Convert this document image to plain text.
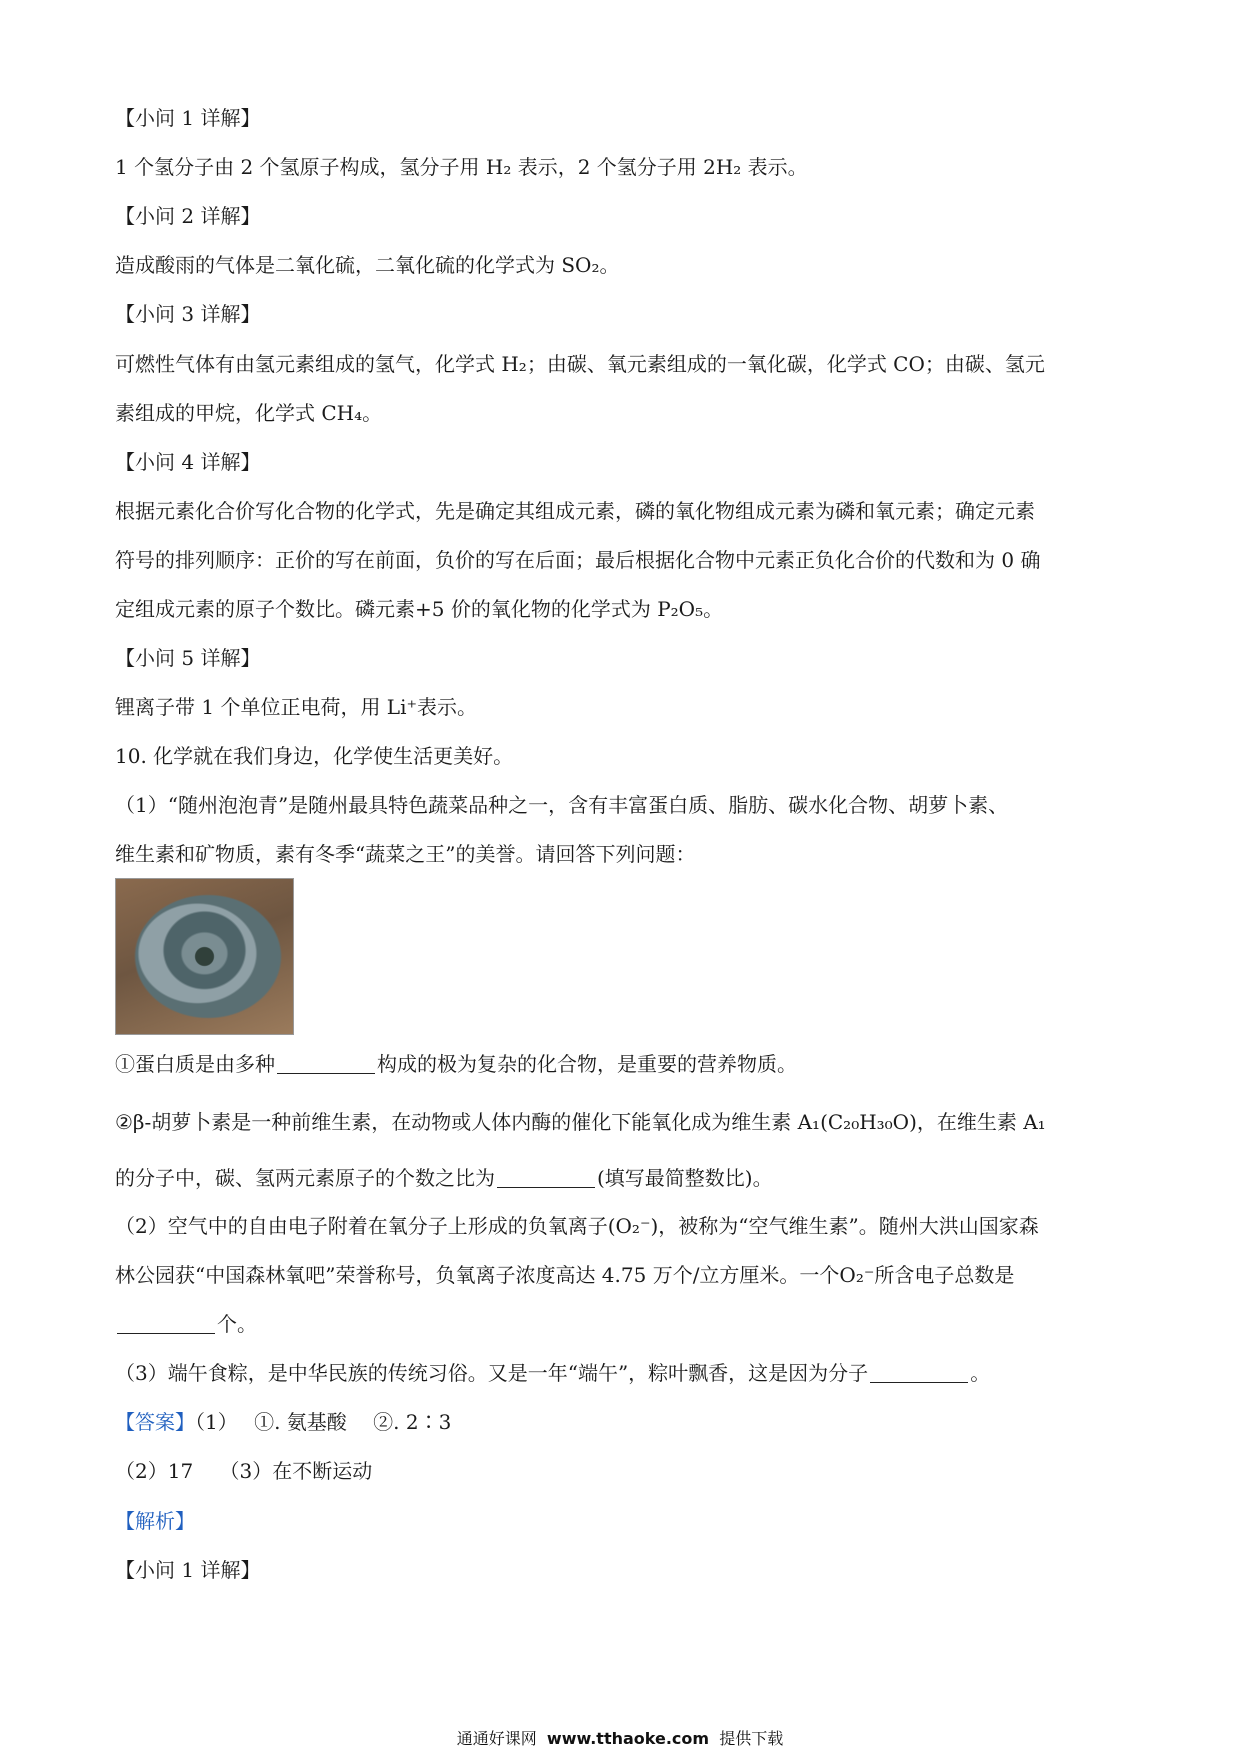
【小问 1 详解】
1 个氢分子由 2 个氢原子构成，氢分子用 H₂ 表示，2 个氢分子用 2H₂ 表示。
【小问 2 详解】
造成酸雨的气体是二氧化硫，二氧化硫的化学式为 SO₂。
【小问 3 详解】
可燃性气体有由氢元素组成的氢气，化学式 H₂；由碳、氧元素组成的一氧化碳，化学式 CO；由碳、氢元
素组成的甲烷，化学式 CH₄。
【小问 4 详解】
根据元素化合价写化合物的化学式，先是确定其组成元素，磷的氧化物组成元素为磷和氧元素；确定元素
符号的排列顺序：正价的写在前面，负价的写在后面；最后根据化合物中元素正负化合价的代数和为 0 确
定组成元素的原子个数比。磷元素+5 价的氧化物的化学式为 P₂O₅。
【小问 5 详解】
锂离子带 1 个单位正电荷，用 Li⁺表示。
10. 化学就在我们身边，化学使生活更美好。
（1）“随州泡泡青”是随州最具特色蔬菜品种之一，含有丰富蛋白质、脂肪、碳水化合物、胡萝卜素、
维生素和矿物质，素有冬季“蔬菜之王”的美誉。请回答下列问题：
①蛋白质是由多种	构成的极为复杂的化合物，是重要的营养物质。
②β-胡萝卜素是一种前维生素，在动物或人体内酶的催化下能氧化成为维生素 A₁(C₂₀H₃₀O)，在维生素 A₁
的分子中，碳、氢两元素原子的个数之比为	(填写最简整数比)。
（2）空气中的自由电子附着在氧分子上形成的负氧离子(O₂⁻)，被称为“空气维生素”。随州大洪山国家森
林公园获“中国森林氧吧”荣誉称号，负氧离子浓度高达 4.75 万个/立方厘米。一个O₂⁻所含电子总数是
个。
（3）端午食粽，是中华民族的传统习俗。又是一年“端午”，粽叶飘香，这是因为分子	。
【答案】（1）　 ①. 氨基酸　 ②. 2∶3
（2）17　 （3）在不断运动
【解析】
【小问 1 详解】
通通好课网 www.tthaoke.com 提供下载
